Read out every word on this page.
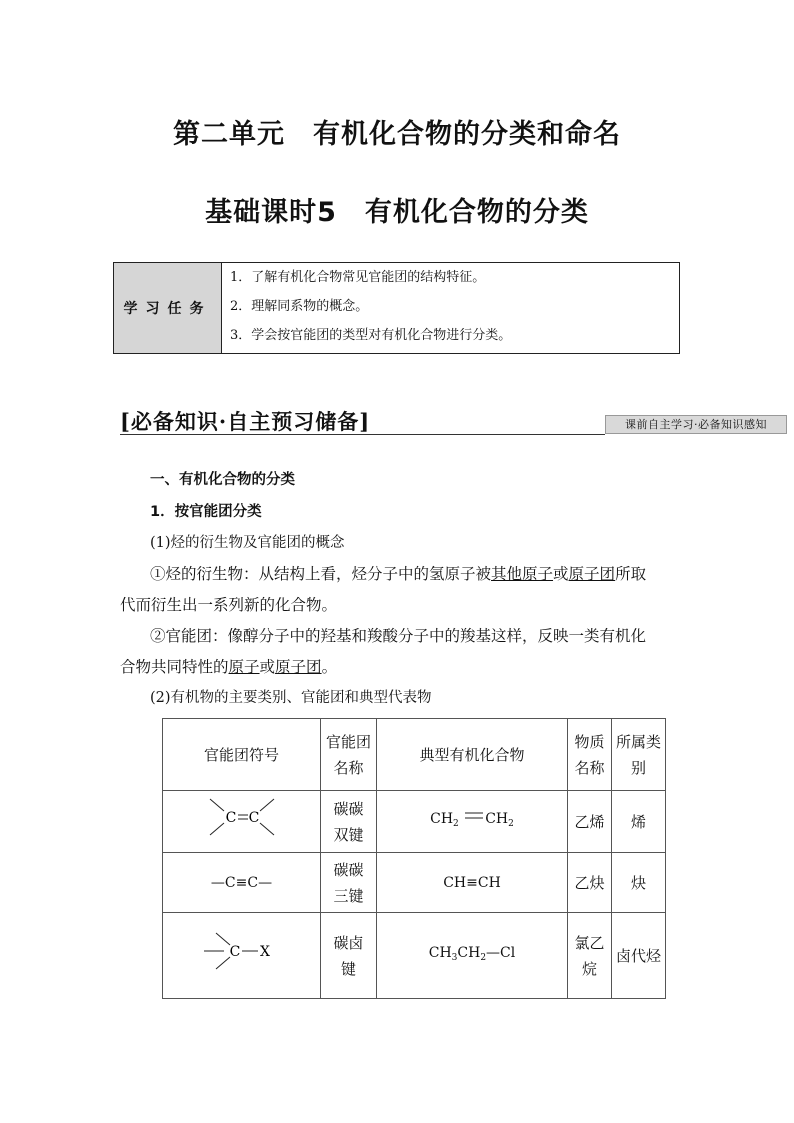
第二单元　有机化合物的分类和命名
基础课时5　有机化合物的分类
学习任务
1．了解有机化合物常见官能团的结构特征。
2．理解同系物的概念。
3．学会按官能团的类型对有机化合物进行分类。
[必备知识·自主预习储备]	课前自主学习·必备知识感知
一、有机化合物的分类
1．按官能团分类
(1)烃的衍生物及官能团的概念
①烃的衍生物：从结构上看，烃分子中的氢原子被其他原子或原子团所取
代而衍生出一系列新的化合物。
②官能团：像醇分子中的羟基和羧酸分子中的羧基这样，反映一类有机化
合物共同特性的原子或原子团。
(2)有机物的主要类别、官能团和典型代表物
官能团符号	官能团名称	典型有机化合物	物质名称	所属类别

C C	碳碳双键	$CH_2$ $CH_2$	乙烯	烯
—C≡C—	碳碳三键	CH≡CH	乙炔	炔

C X	碳卤键	$CH_3CH_2—Cl$	氯乙烷	卤代烃
